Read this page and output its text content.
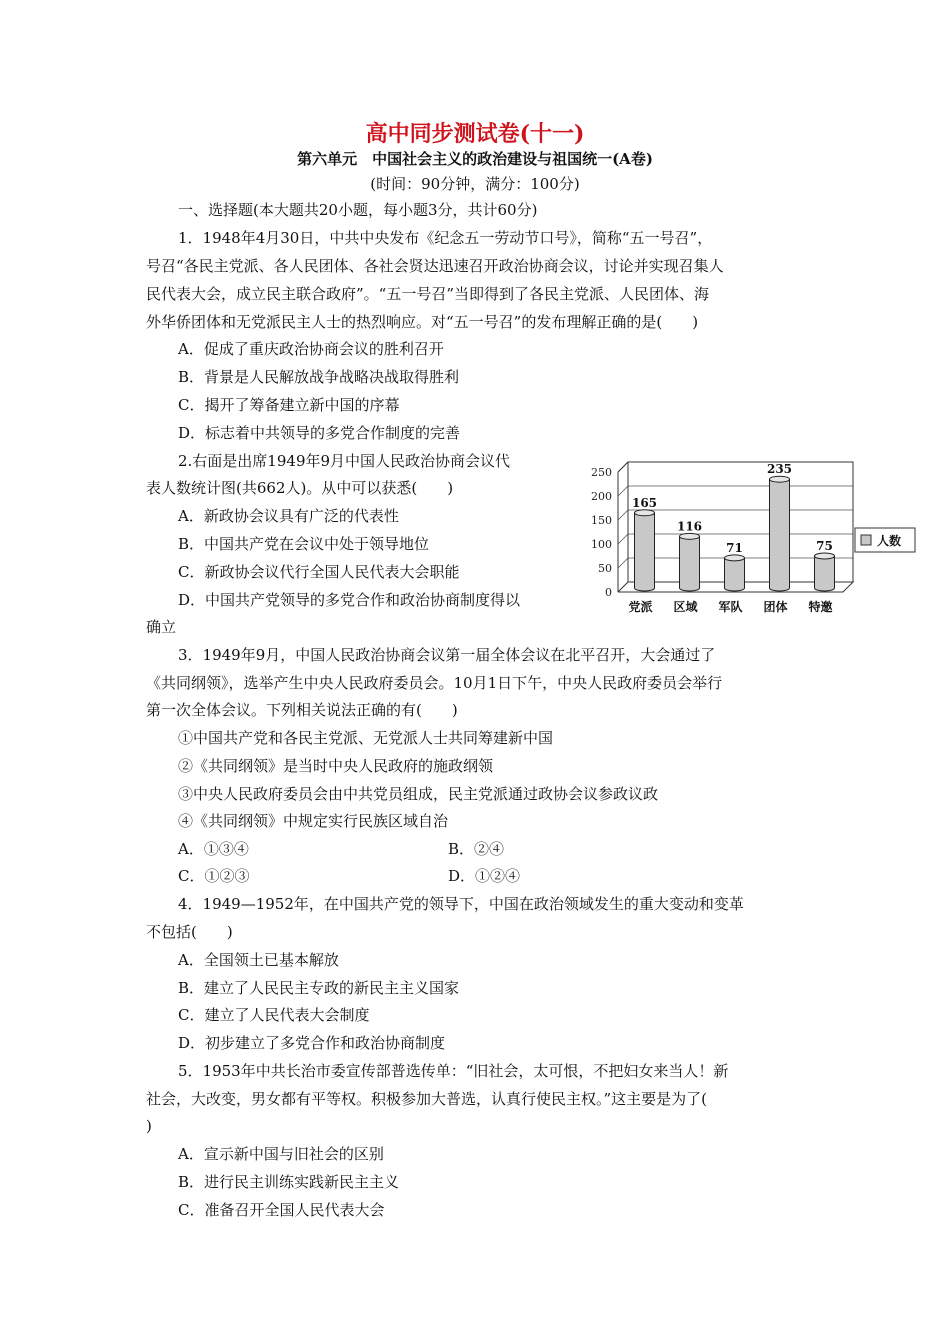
高中同步测试卷(十一)
第六单元　中国社会主义的政治建设与祖国统一(A卷)
(时间：90分钟，满分：100分)
一、选择题(本大题共20小题，每小题3分，共计60分)
1．1948年4月30日，中共中央发布《纪念五一劳动节口号》，简称“五一号召”，
号召“各民主党派、各人民团体、各社会贤达迅速召开政治协商会议，讨论并实现召集人
民代表大会，成立民主联合政府”。“五一号召”当即得到了各民主党派、人民团体、海
外华侨团体和无党派民主人士的热烈响应。对“五一号召”的发布理解正确的是(　　)
A．促成了重庆政治协商会议的胜利召开
B．背景是人民解放战争战略决战取得胜利
C．揭开了筹备建立新中国的序幕
D．标志着中共领导的多党合作制度的完善
2.右面是出席1949年9月中国人民政治协商会议代
表人数统计图(共662人)。从中可以获悉(　　)
A．新政协会议具有广泛的代表性
B．中国共产党在会议中处于领导地位
C．新政协会议代行全国人民代表大会职能
D．中国共产党领导的多党合作和政治协商制度得以
确立
0
50
100
150
200
250
165
116
71
235
75
党派 区域 军队 团体 特邀
人数
3．1949年9月，中国人民政治协商会议第一届全体会议在北平召开，大会通过了
《共同纲领》，选举产生中央人民政府委员会。10月1日下午，中央人民政府委员会举行
第一次全体会议。下列相关说法正确的有(　　)
①中国共产党和各民主党派、无党派人士共同筹建新中国
②《共同纲领》是当时中央人民政府的施政纲领
③中央人民政府委员会由中共党员组成，民主党派通过政协会议参政议政
④《共同纲领》中规定实行民族区域自治
A．①③④	B．②④
C．①②③	D．①②④
4．1949—1952年，在中国共产党的领导下，中国在政治领域发生的重大变动和变革
不包括(　　)
A．全国领土已基本解放
B．建立了人民民主专政的新民主主义国家
C．建立了人民代表大会制度
D．初步建立了多党合作和政治协商制度
5．1953年中共长治市委宣传部普选传单：“旧社会，太可恨，不把妇女来当人！新
社会，大改变，男女都有平等权。积极参加大普选，认真行使民主权。”这主要是为了(
)
A．宣示新中国与旧社会的区别
B．进行民主训练实践新民主主义
C．准备召开全国人民代表大会
